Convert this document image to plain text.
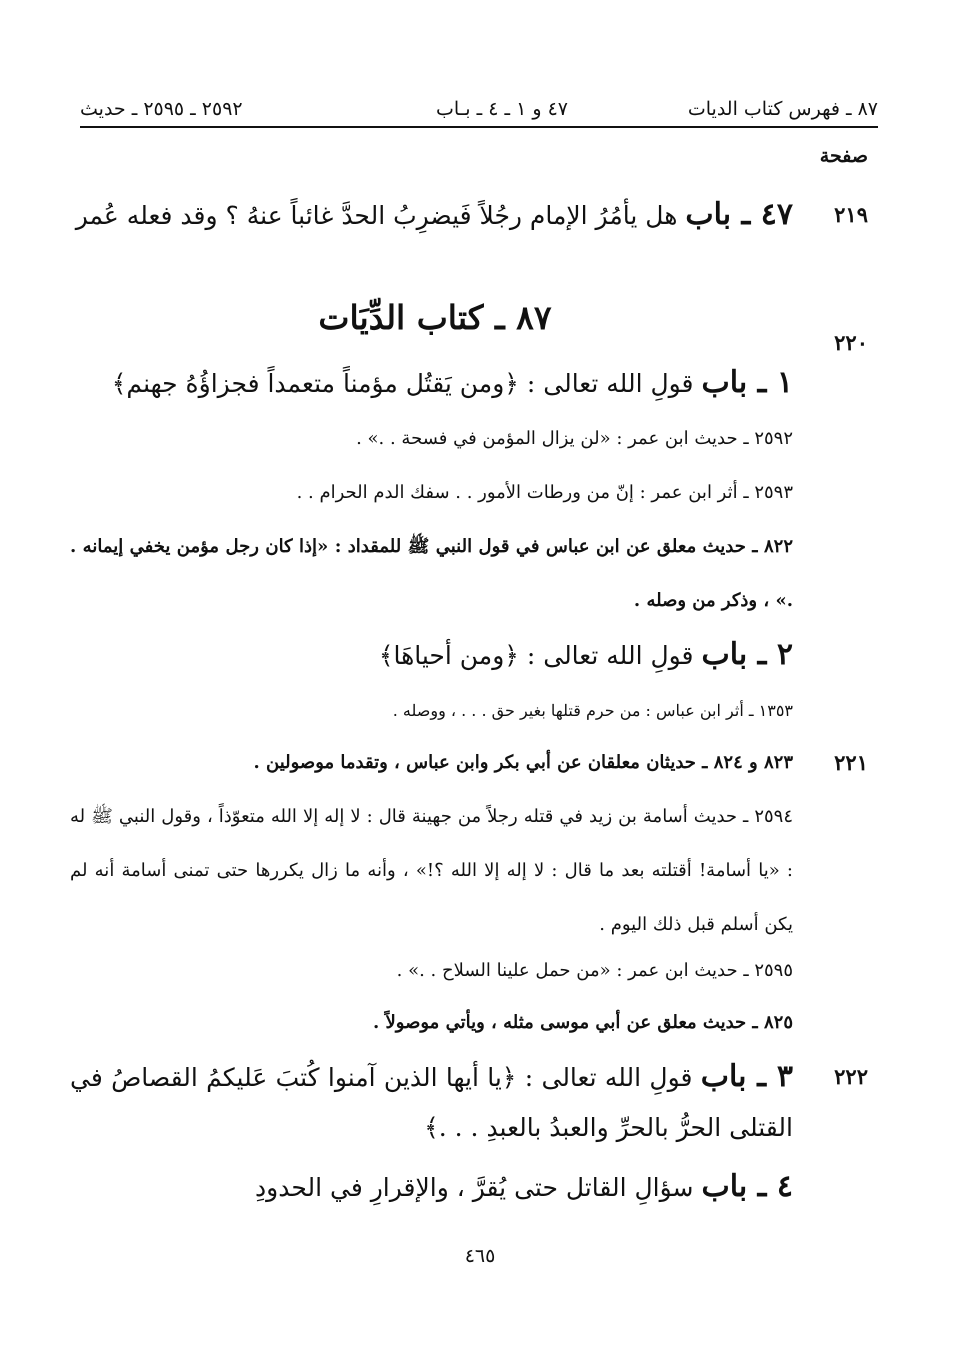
٨٧ ـ فهرس كتاب الديات
٤٧ و ١ ـ ٤ ـ بـاب
٢٥٩٢ ـ ٢٥٩٥ ـ حديث
صفحة
٢١٩
٤٧ ـ باب هل يأمُرُ الإمام رجُلاً فَيضرِبُ الحدَّ غائباً عنهُ ؟ وقد فعله عُمر
٢٢٠
٨٧ ـ كتاب الدِّيَات
١ ـ باب قولِ الله تعالى : ﴿ومن يَقتُل مؤمناً متعمداً فجزاؤُهُ جهنم﴾
٢٥٩٢ ـ حديث ابن عمر : «لن يزال المؤمن في فسحة . .» .
٢٥٩٣ ـ أثر ابن عمر : إنّ من ورطات الأمور . . سفك الدم الحرام . .
٨٢٢ ـ حديث معلق عن ابن عباس في قول النبي ﷺ للمقداد : «إذا كان رجل مؤمن يخفي إيمانه . .» ، وذكر من وصله .
٢ ـ باب قولِ الله تعالى : ﴿ومن أحياهَا﴾
١٣٥٣ ـ أثر ابن عباس : من حرم قتلها بغير حق . . . ، ووصله .
٢٢١
٨٢٣ و ٨٢٤ ـ حديثان معلقان عن أبي بكر وابن عباس ، وتقدما موصولين .
٢٥٩٤ ـ حديث أسامة بن زيد في قتله رجلاً من جهينة قال : لا إله إلا الله متعوّذاً ، وقول النبي ﷺ له : «يا أسامة! أقتلته بعد ما قال : لا إله إلا الله ؟!» ، وأنه ما زال يكررها حتى تمنى أسامة أنه لم يكن أسلم قبل ذلك اليوم .
٢٥٩٥ ـ حديث ابن عمر : «من حمل علينا السلاح . .» .
٨٢٥ ـ حديث معلق عن أبي موسى مثله ، ويأتي موصولاً .
٢٢٢
٣ ـ باب قولِ الله تعالى : ﴿يا أيها الذين آمنوا كُتبَ عَليكمُ القصاصُ في القتلى الحرُّ بالحرِّ والعبدُ بالعبدِ . . .﴾
٤ ـ باب سؤالِ القاتل حتى يُقرَّ ، والإقرارِ في الحدودِ
٤٦٥
